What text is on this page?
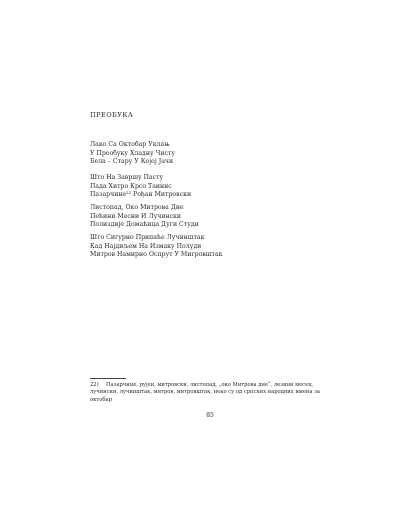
ПРЕОБУКА

Лако Са Октобар Уклањ
У Преобуку Хладну Чисту
Бела – Стару У Којој Јачи

Што На Завршу Пасту
Пада Хитро Крсо Таинис
Пазарчине²² Рођан Митровски

Листопад, Око Митрова Дне
Пећини Месни И Лучински
Полиздије Домаћица Дуги Студи

Што Сигурно Припаће Лучинштак
Кад Најдиљем На Измаку Полуди
Митров Намирно Оспрут У Мигровштак

22) Пазарчине, рујеи, митровски, листопад, „око Митрова дне“, лезини месец, лучински, лучинштак, митров, митровштак, неко су од српских народних имена за октобар

85
